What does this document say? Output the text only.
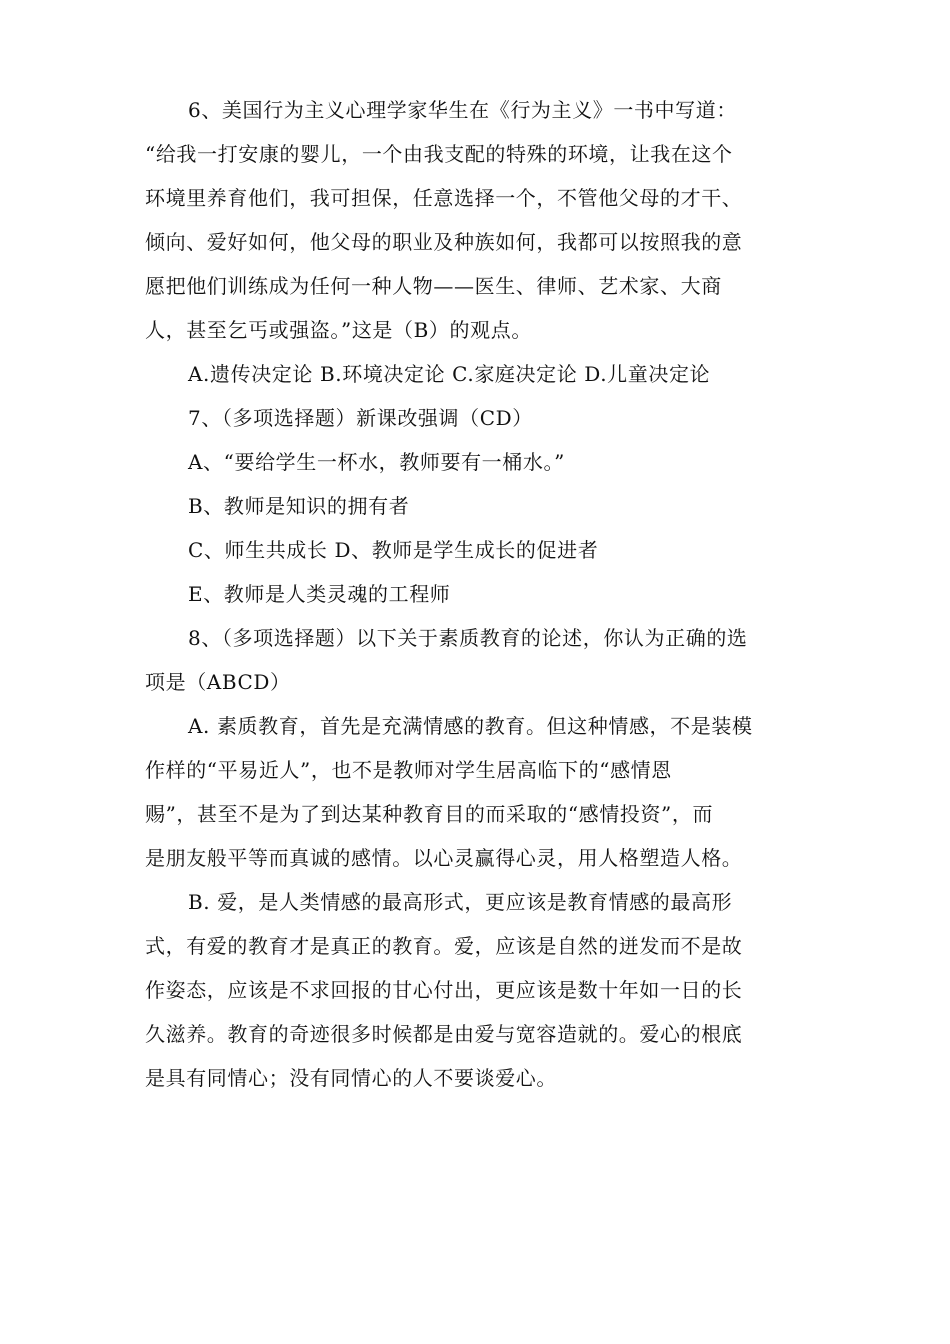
6、美国行为主义心理学家华生在《行为主义》一书中写道：
“给我一打安康的婴儿，一个由我支配的特殊的环境，让我在这个
环境里养育他们，我可担保，任意选择一个，不管他父母的才干、
倾向、爱好如何，他父母的职业及种族如何，我都可以按照我的意
愿把他们训练成为任何一种人物——医生、律师、艺术家、大商
人，甚至乞丐或强盗。”这是（B）的观点。
A.遗传决定论 B.环境决定论 C.家庭决定论 D.儿童决定论
7、（多项选择题）新课改强调（CD）
A、“要给学生一杯水，教师要有一桶水。”
B、教师是知识的拥有者
C、师生共成长 D、教师是学生成长的促进者
E、教师是人类灵魂的工程师
8、（多项选择题）以下关于素质教育的论述，你认为正确的选
项是（ABCD）
A. 素质教育，首先是充满情感的教育。但这种情感，不是装模
作样的“平易近人”，也不是教师对学生居高临下的“感情恩
赐”，甚至不是为了到达某种教育目的而采取的“感情投资”，而
是朋友般平等而真诚的感情。以心灵赢得心灵，用人格塑造人格。
B. 爱，是人类情感的最高形式，更应该是教育情感的最高形
式，有爱的教育才是真正的教育。爱，应该是自然的迸发而不是故
作姿态，应该是不求回报的甘心付出，更应该是数十年如一日的长
久滋养。教育的奇迹很多时候都是由爱与宽容造就的。爱心的根底
是具有同情心；没有同情心的人不要谈爱心。
